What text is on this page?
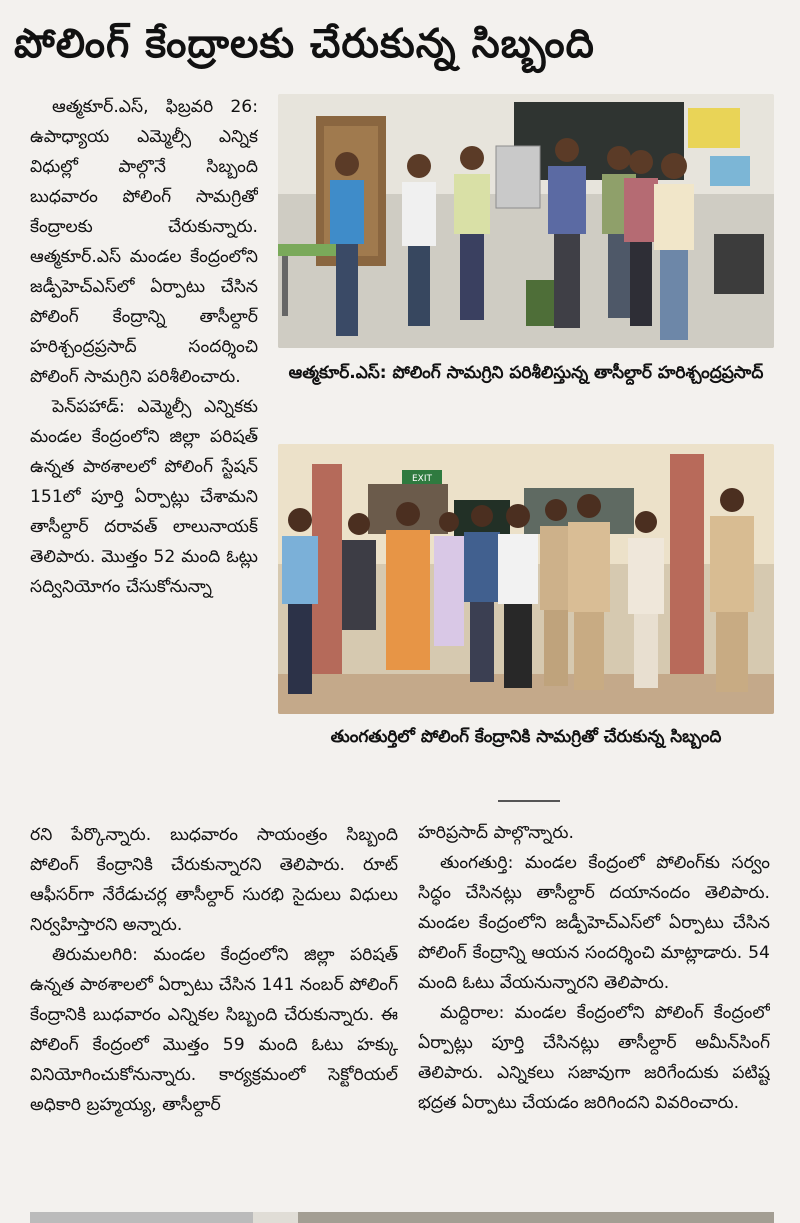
పోలింగ్ కేంద్రాలకు చేరుకున్న సిబ్బంది

ఆత్మకూర్.ఎస్, ఫిబ్రవరి 26: ఉపాధ్యాయ ఎమ్మెల్సీ ఎన్నిక విధుల్లో పాల్గొనే సిబ్బంది బుధవారం పోలింగ్ సామగ్రితో కేంద్రాలకు చేరుకున్నారు. ఆత్మకూర్.ఎస్ మండల కేంద్రంలోని జడ్పీహెచ్ఎస్‌లో ఏర్పాటు చేసిన పోలింగ్ కేంద్రాన్ని తాసీల్దార్ హరిశ్చంద్రప్రసాద్ సందర్శించి పోలింగ్ సామగ్రిని పరిశీలించారు.

పెన్‌పహాడ్: ఎమ్మెల్సీ ఎన్నికకు మండల కేంద్రంలోని జిల్లా పరిషత్ ఉన్నత పాఠశాలలో పోలింగ్ స్టేషన్ 151లో పూర్తి ఏర్పాట్లు చేశామని తాసీల్దార్ దరావత్ లాలునాయక్ తెలిపారు. మొత్తం 52 మంది ఓట్లు సద్వినియోగం చేసుకోనున్నా

ఆత్మకూర్.ఎస్: పోలింగ్ సామగ్రిని పరిశీలిస్తున్న తాసీల్దార్ హరిశ్చంద్రప్రసాద్
EXIT
తుంగతుర్తిలో పోలింగ్ కేంద్రానికి సామగ్రితో చేరుకున్న సిబ్బంది

రని పేర్కొన్నారు. బుధవారం సాయంత్రం సిబ్బంది పోలింగ్ కేంద్రానికి చేరుకున్నారని తెలిపారు. రూట్ ఆఫీసర్‌గా నేరేడుచర్ల తాసీల్దార్ సురభి సైదులు విధులు నిర్వహిస్తారని అన్నారు.

తిరుమలగిరి: మండల కేంద్రంలోని జిల్లా పరిషత్ ఉన్నత పాఠశాలలో ఏర్పాటు చేసిన 141 నంబర్ పోలింగ్ కేంద్రానికి బుధవారం ఎన్నికల సిబ్బంది చేరుకున్నారు. ఈ పోలింగ్ కేంద్రంలో మొత్తం 59 మంది ఓటు హక్కు వినియోగించుకోనున్నారు. కార్యక్రమంలో సెక్టోరియల్ అధికారి బ్రహ్మయ్య, తాసీల్దార్

హరిప్రసాద్ పాల్గొన్నారు.

తుంగతుర్తి: మండల కేంద్రంలో పోలింగ్‌కు సర్వం సిద్ధం చేసినట్లు తాసీల్దార్ దయానందం తెలిపారు. మండల కేంద్రంలోని జడ్పీహెచ్ఎస్‌లో ఏర్పాటు చేసిన పోలింగ్ కేంద్రాన్ని ఆయన సందర్శించి మాట్లాడారు. 54 మంది ఓటు వేయనున్నారని తెలిపారు.

మద్దిరాల: మండల కేంద్రంలోని పోలింగ్ కేంద్రంలో ఏర్పాట్లు పూర్తి చేసినట్లు తాసీల్దార్ అమీన్‌సింగ్ తెలిపారు. ఎన్నికలు సజావుగా జరిగేందుకు పటిష్ట భద్రత ఏర్పాటు చేయడం జరిగిందని వివరించారు.
